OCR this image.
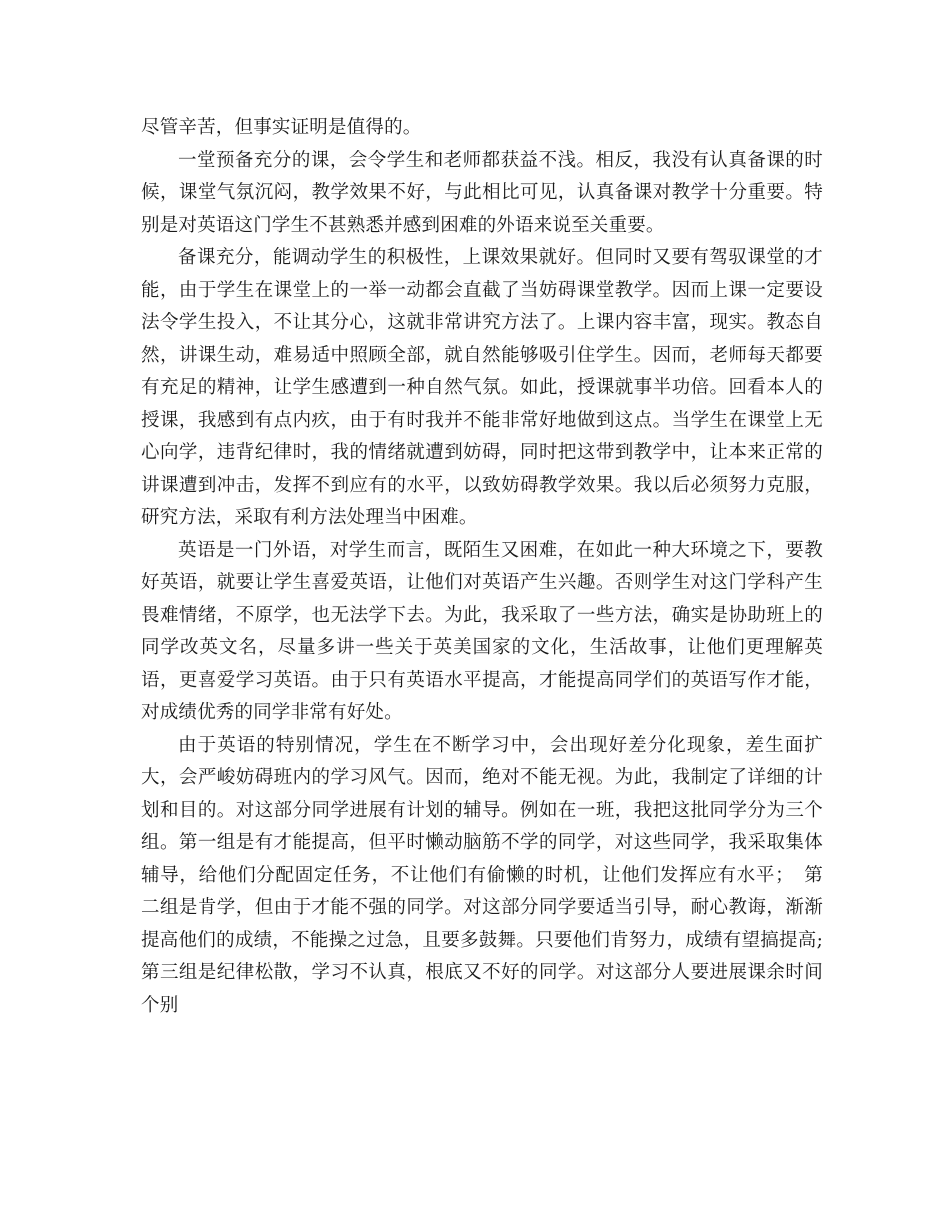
尽管辛苦，但事实证明是值得的。

一堂预备充分的课，会令学生和老师都获益不浅。相反，我没有认真备课的时候，课堂气氛沉闷，教学效果不好，与此相比可见，认真备课对教学十分重要。特别是对英语这门学生不甚熟悉并感到困难的外语来说至关重要。

备课充分，能调动学生的积极性，上课效果就好。但同时又要有驾驭课堂的才能，由于学生在课堂上的一举一动都会直截了当妨碍课堂教学。因而上课一定要设法令学生投入，不让其分心，这就非常讲究方法了。上课内容丰富，现实。教态自然，讲课生动，难易适中照顾全部，就自然能够吸引住学生。因而，老师每天都要有充足的精神，让学生感遭到一种自然气氛。如此，授课就事半功倍。回看本人的授课，我感到有点内疚，由于有时我并不能非常好地做到这点。当学生在课堂上无心向学，违背纪律时，我的情绪就遭到妨碍，同时把这带到教学中，让本来正常的讲课遭到冲击，发挥不到应有的水平，以致妨碍教学效果。我以后必须努力克服，研究方法，采取有利方法处理当中困难。

英语是一门外语，对学生而言，既陌生又困难，在如此一种大环境之下，要教好英语，就要让学生喜爱英语，让他们对英语产生兴趣。否则学生对这门学科产生畏难情绪，不原学，也无法学下去。为此，我采取了一些方法，确实是协助班上的同学改英文名，尽量多讲一些关于英美国家的文化，生活故事，让他们更理解英语，更喜爱学习英语。由于只有英语水平提高，才能提高同学们的英语写作才能，对成绩优秀的同学非常有好处。

由于英语的特别情况，学生在不断学习中，会出现好差分化现象，差生面扩大，会严峻妨碍班内的学习风气。因而，绝对不能无视。为此，我制定了详细的计划和目的。对这部分同学进展有计划的辅导。例如在一班，我把这批同学分为三个组。第一组是有才能提高，但平时懒动脑筋不学的同学，对这些同学，我采取集体辅导，给他们分配固定任务，不让他们有偷懒的时机，让他们发挥应有水平；　第二组是肯学，但由于才能不强的同学。对这部分同学要适当引导，耐心教诲，渐渐提高他们的成绩，不能操之过急，且要多鼓舞。只要他们肯努力，成绩有望搞提高;第三组是纪律松散，学习不认真，根底又不好的同学。对这部分人要进展课余时间个别
